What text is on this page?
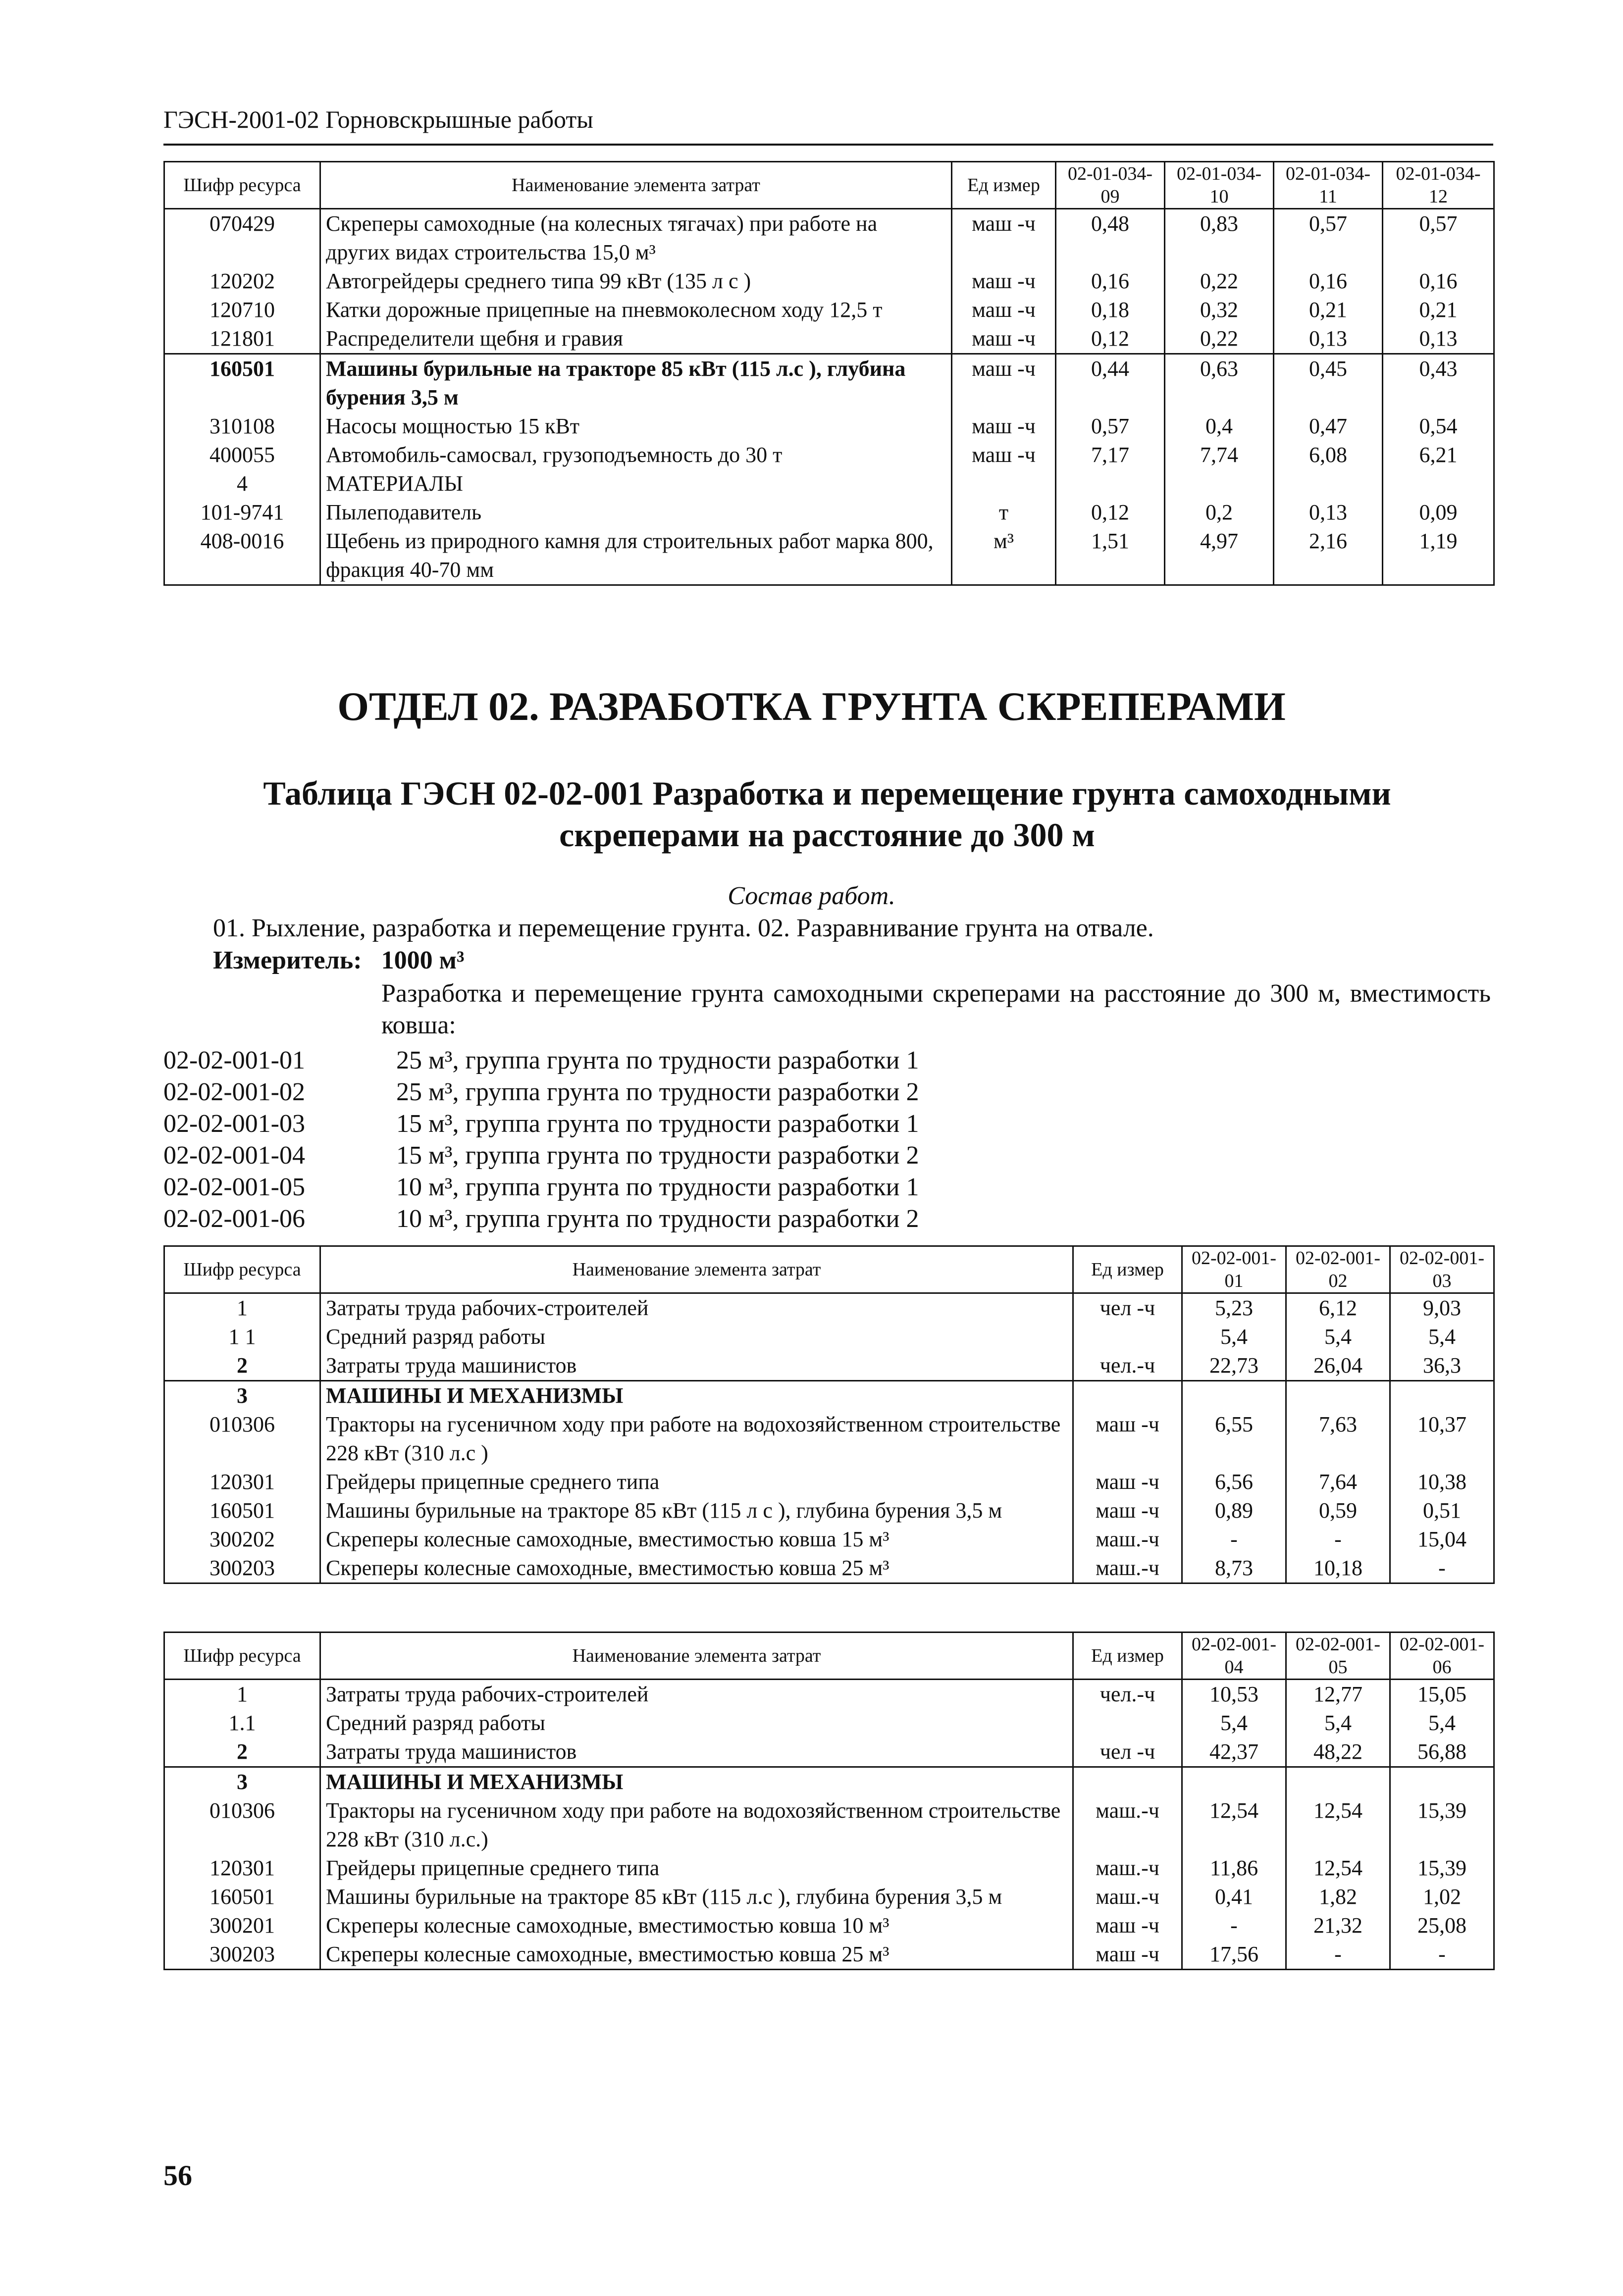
ГЭСН-2001-02 Горновскрышные работы
Шифр ресурса	Наименование элемента затрат	Ед измер	02-01-034-09	02-01-034-10	02-01-034-11	02-01-034-12
070429	Скреперы самоходные (на колесных тягачах) при работе на других видах строительства 15,0 м³	маш -ч	0,48	0,83	0,57	0,57
120202	Автогрейдеры среднего типа 99 кВт (135 л с )	маш -ч	0,16	0,22	0,16	0,16
120710	Катки дорожные прицепные на пневмоколесном ходу 12,5 т	маш -ч	0,18	0,32	0,21	0,21
121801	Распределители щебня и гравия	маш -ч	0,12	0,22	0,13	0,13
160501	Машины бурильные на тракторе 85 кВт (115 л.с ), глубина бурения 3,5 м	маш -ч	0,44	0,63	0,45	0,43
310108	Насосы мощностью 15 кВт	маш -ч	0,57	0,4	0,47	0,54
400055	Автомобиль-самосвал, грузоподъемность до 30 т	маш -ч	7,17	7,74	6,08	6,21
4	МАТЕРИАЛЫ					
101-9741	Пылеподавитель	т	0,12	0,2	0,13	0,09
408-0016	Щебень из природного камня для строительных работ марка 800, фракция 40-70 мм	м³	1,51	4,97	2,16	1,19
ОТДЕЛ 02. РАЗРАБОТКА ГРУНТА СКРЕПЕРАМИ
Таблица ГЭСН 02-02-001 Разработка и перемещение грунта самоходными скреперами на расстояние до 300 м
Состав работ.
01. Рыхление, разработка и перемещение грунта. 02. Разравнивание грунта на отвале.
Измеритель: 1000 м³
Разработка и перемещение грунта самоходными скреперами на расстояние до 300 м, вместимость ковша:
02-02-001-01	25 м³, группа грунта по трудности разработки 1
02-02-001-02	25 м³, группа грунта по трудности разработки 2
02-02-001-03	15 м³, группа грунта по трудности разработки 1
02-02-001-04	15 м³, группа грунта по трудности разработки 2
02-02-001-05	10 м³, группа грунта по трудности разработки 1
02-02-001-06	10 м³, группа грунта по трудности разработки 2
Шифр ресурса	Наименование элемента затрат	Ед измер	02-02-001-01	02-02-001-02	02-02-001-03
1	Затраты труда рабочих-строителей	чел -ч	5,23	6,12	9,03
1 1	Средний разряд работы		5,4	5,4	5,4
2	Затраты труда машинистов	чел.-ч	22,73	26,04	36,3
3	МАШИНЫ И МЕХАНИЗМЫ				
010306	Тракторы на гусеничном ходу при работе на водохозяйственном строительстве 228 кВт (310 л.с )	маш -ч	6,55	7,63	10,37
120301	Грейдеры прицепные среднего типа	маш -ч	6,56	7,64	10,38
160501	Машины бурильные на тракторе 85 кВт (115 л с ), глубина бурения 3,5 м	маш -ч	0,89	0,59	0,51
300202	Скреперы колесные самоходные, вместимостью ковша 15 м³	маш.-ч	-	-	15,04
300203	Скреперы колесные самоходные, вместимостью ковша 25 м³	маш.-ч	8,73	10,18	-
Шифр ресурса	Наименование элемента затрат	Ед измер	02-02-001-04	02-02-001-05	02-02-001-06
1	Затраты труда рабочих-строителей	чел.-ч	10,53	12,77	15,05
1.1	Средний разряд работы		5,4	5,4	5,4
2	Затраты труда машинистов	чел -ч	42,37	48,22	56,88
3	МАШИНЫ И МЕХАНИЗМЫ				
010306	Тракторы на гусеничном ходу при работе на водохозяйственном строительстве 228 кВт (310 л.с.)	маш.-ч	12,54	12,54	15,39
120301	Грейдеры прицепные среднего типа	маш.-ч	11,86	12,54	15,39
160501	Машины бурильные на тракторе 85 кВт (115 л.с ), глубина бурения 3,5 м	маш.-ч	0,41	1,82	1,02
300201	Скреперы колесные самоходные, вместимостью ковша 10 м³	маш -ч	-	21,32	25,08
300203	Скреперы колесные самоходные, вместимостью ковша 25 м³	маш -ч	17,56	-	-
56
